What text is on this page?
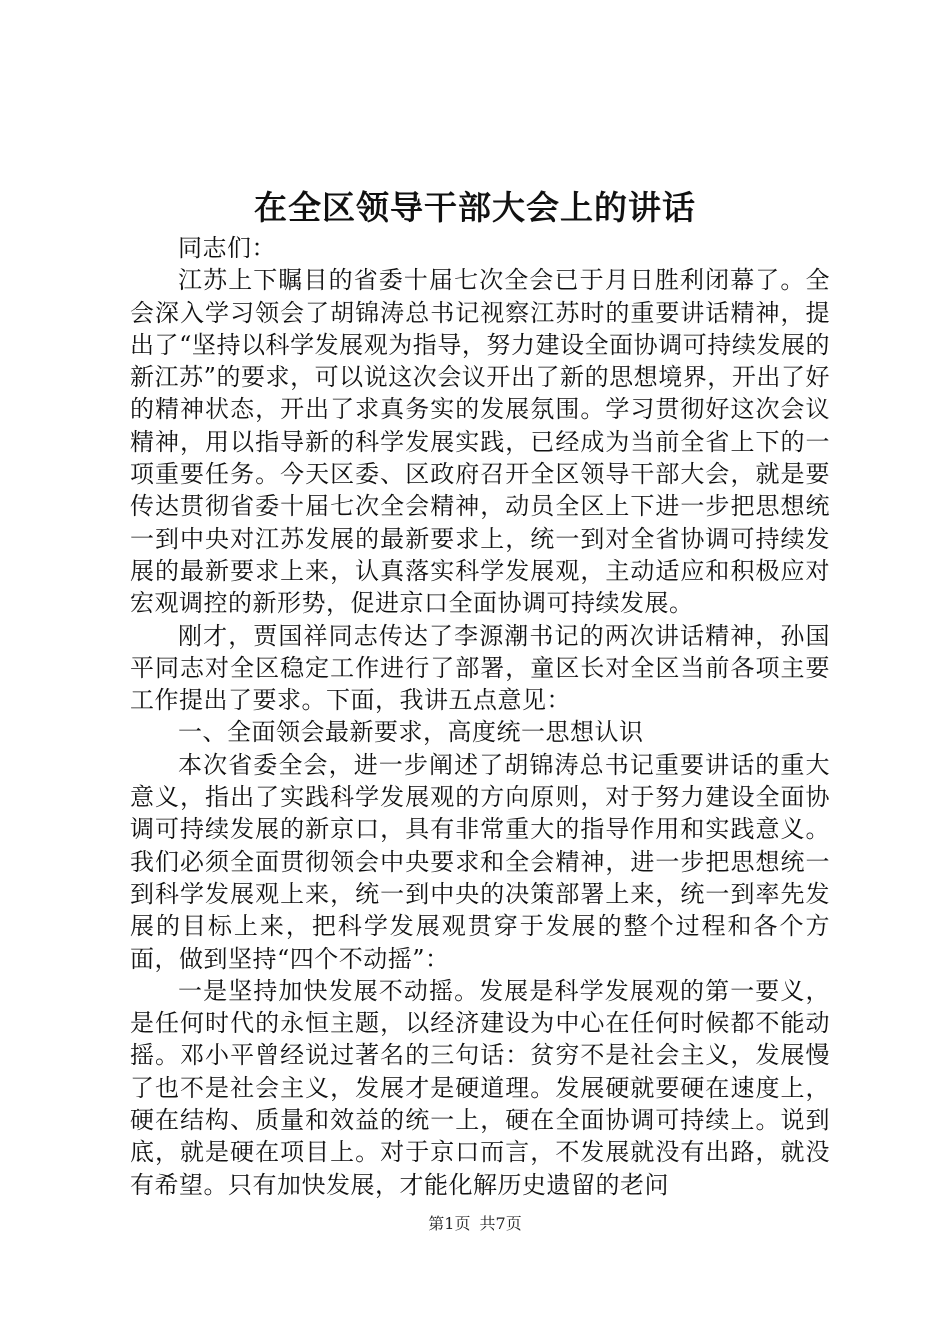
在全区领导干部大会上的讲话

同志们：

江苏上下瞩目的省委十届七次全会已于月日胜利闭幕了。全会深入学习领会了胡锦涛总书记视察江苏时的重要讲话精神，提出了“坚持以科学发展观为指导，努力建设全面协调可持续发展的新江苏”的要求，可以说这次会议开出了新的思想境界，开出了好的精神状态，开出了求真务实的发展氛围。学习贯彻好这次会议精神，用以指导新的科学发展实践，已经成为当前全省上下的一项重要任务。今天区委、区政府召开全区领导干部大会，就是要传达贯彻省委十届七次全会精神，动员全区上下进一步把思想统一到中央对江苏发展的最新要求上，统一到对全省协调可持续发展的最新要求上来，认真落实科学发展观，主动适应和积极应对宏观调控的新形势，促进京口全面协调可持续发展。

刚才，贾国祥同志传达了李源潮书记的两次讲话精神，孙国平同志对全区稳定工作进行了部署，童区长对全区当前各项主要工作提出了要求。下面，我讲五点意见：

一、全面领会最新要求，高度统一思想认识

本次省委全会，进一步阐述了胡锦涛总书记重要讲话的重大意义，指出了实践科学发展观的方向原则，对于努力建设全面协调可持续发展的新京口，具有非常重大的指导作用和实践意义。我们必须全面贯彻领会中央要求和全会精神，进一步把思想统一到科学发展观上来，统一到中央的决策部署上来，统一到率先发展的目标上来，把科学发展观贯穿于发展的整个过程和各个方面，做到坚持“四个不动摇”：

一是坚持加快发展不动摇。发展是科学发展观的第一要义，是任何时代的永恒主题，以经济建设为中心在任何时候都不能动摇。邓小平曾经说过著名的三句话：贫穷不是社会主义，发展慢了也不是社会主义，发展才是硬道理。发展硬就要硬在速度上，硬在结构、质量和效益的统一上，硬在全面协调可持续上。说到底，就是硬在项目上。对于京口而言，不发展就没有出路，就没有希望。只有加快发展，才能化解历史遗留的老问

第1页 共7页
